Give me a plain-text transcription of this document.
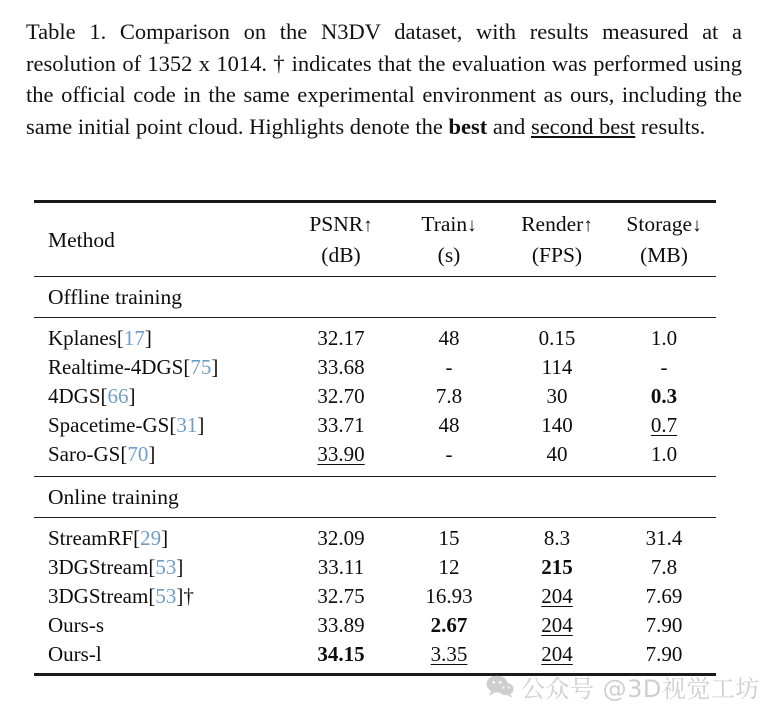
Table 1. Comparison on the N3DV dataset, with results measured at a resolution of 1352 x 1014. † indicates that the evaluation was performed using the official code in the same experimental environment as ours, including the same initial point cloud. Highlights denote the best and second best results.

Method	PSNR↑	Train↓	Render↑	Storage↓
	(dB)	(s)	(FPS)	(MB)

Offline training				

Kplanes[17]	32.17	48	0.15	1.0
Realtime-4DGS[75]	33.68	-	114	-
4DGS[66]	32.70	7.8	30	0.3
Spacetime-GS[31]	33.71	48	140	0.7
Saro-GS[70]	33.90	-	40	1.0

Online training				

StreamRF[29]	32.09	15	8.3	31.4
3DGStream[53]	33.11	12	215	7.8
3DGStream[53]†	32.75	16.93	204	7.69
Ours-s	33.89	2.67	204	7.90
Ours-l	34.15	3.35	204	7.90

公众号 @3D视觉工坊
